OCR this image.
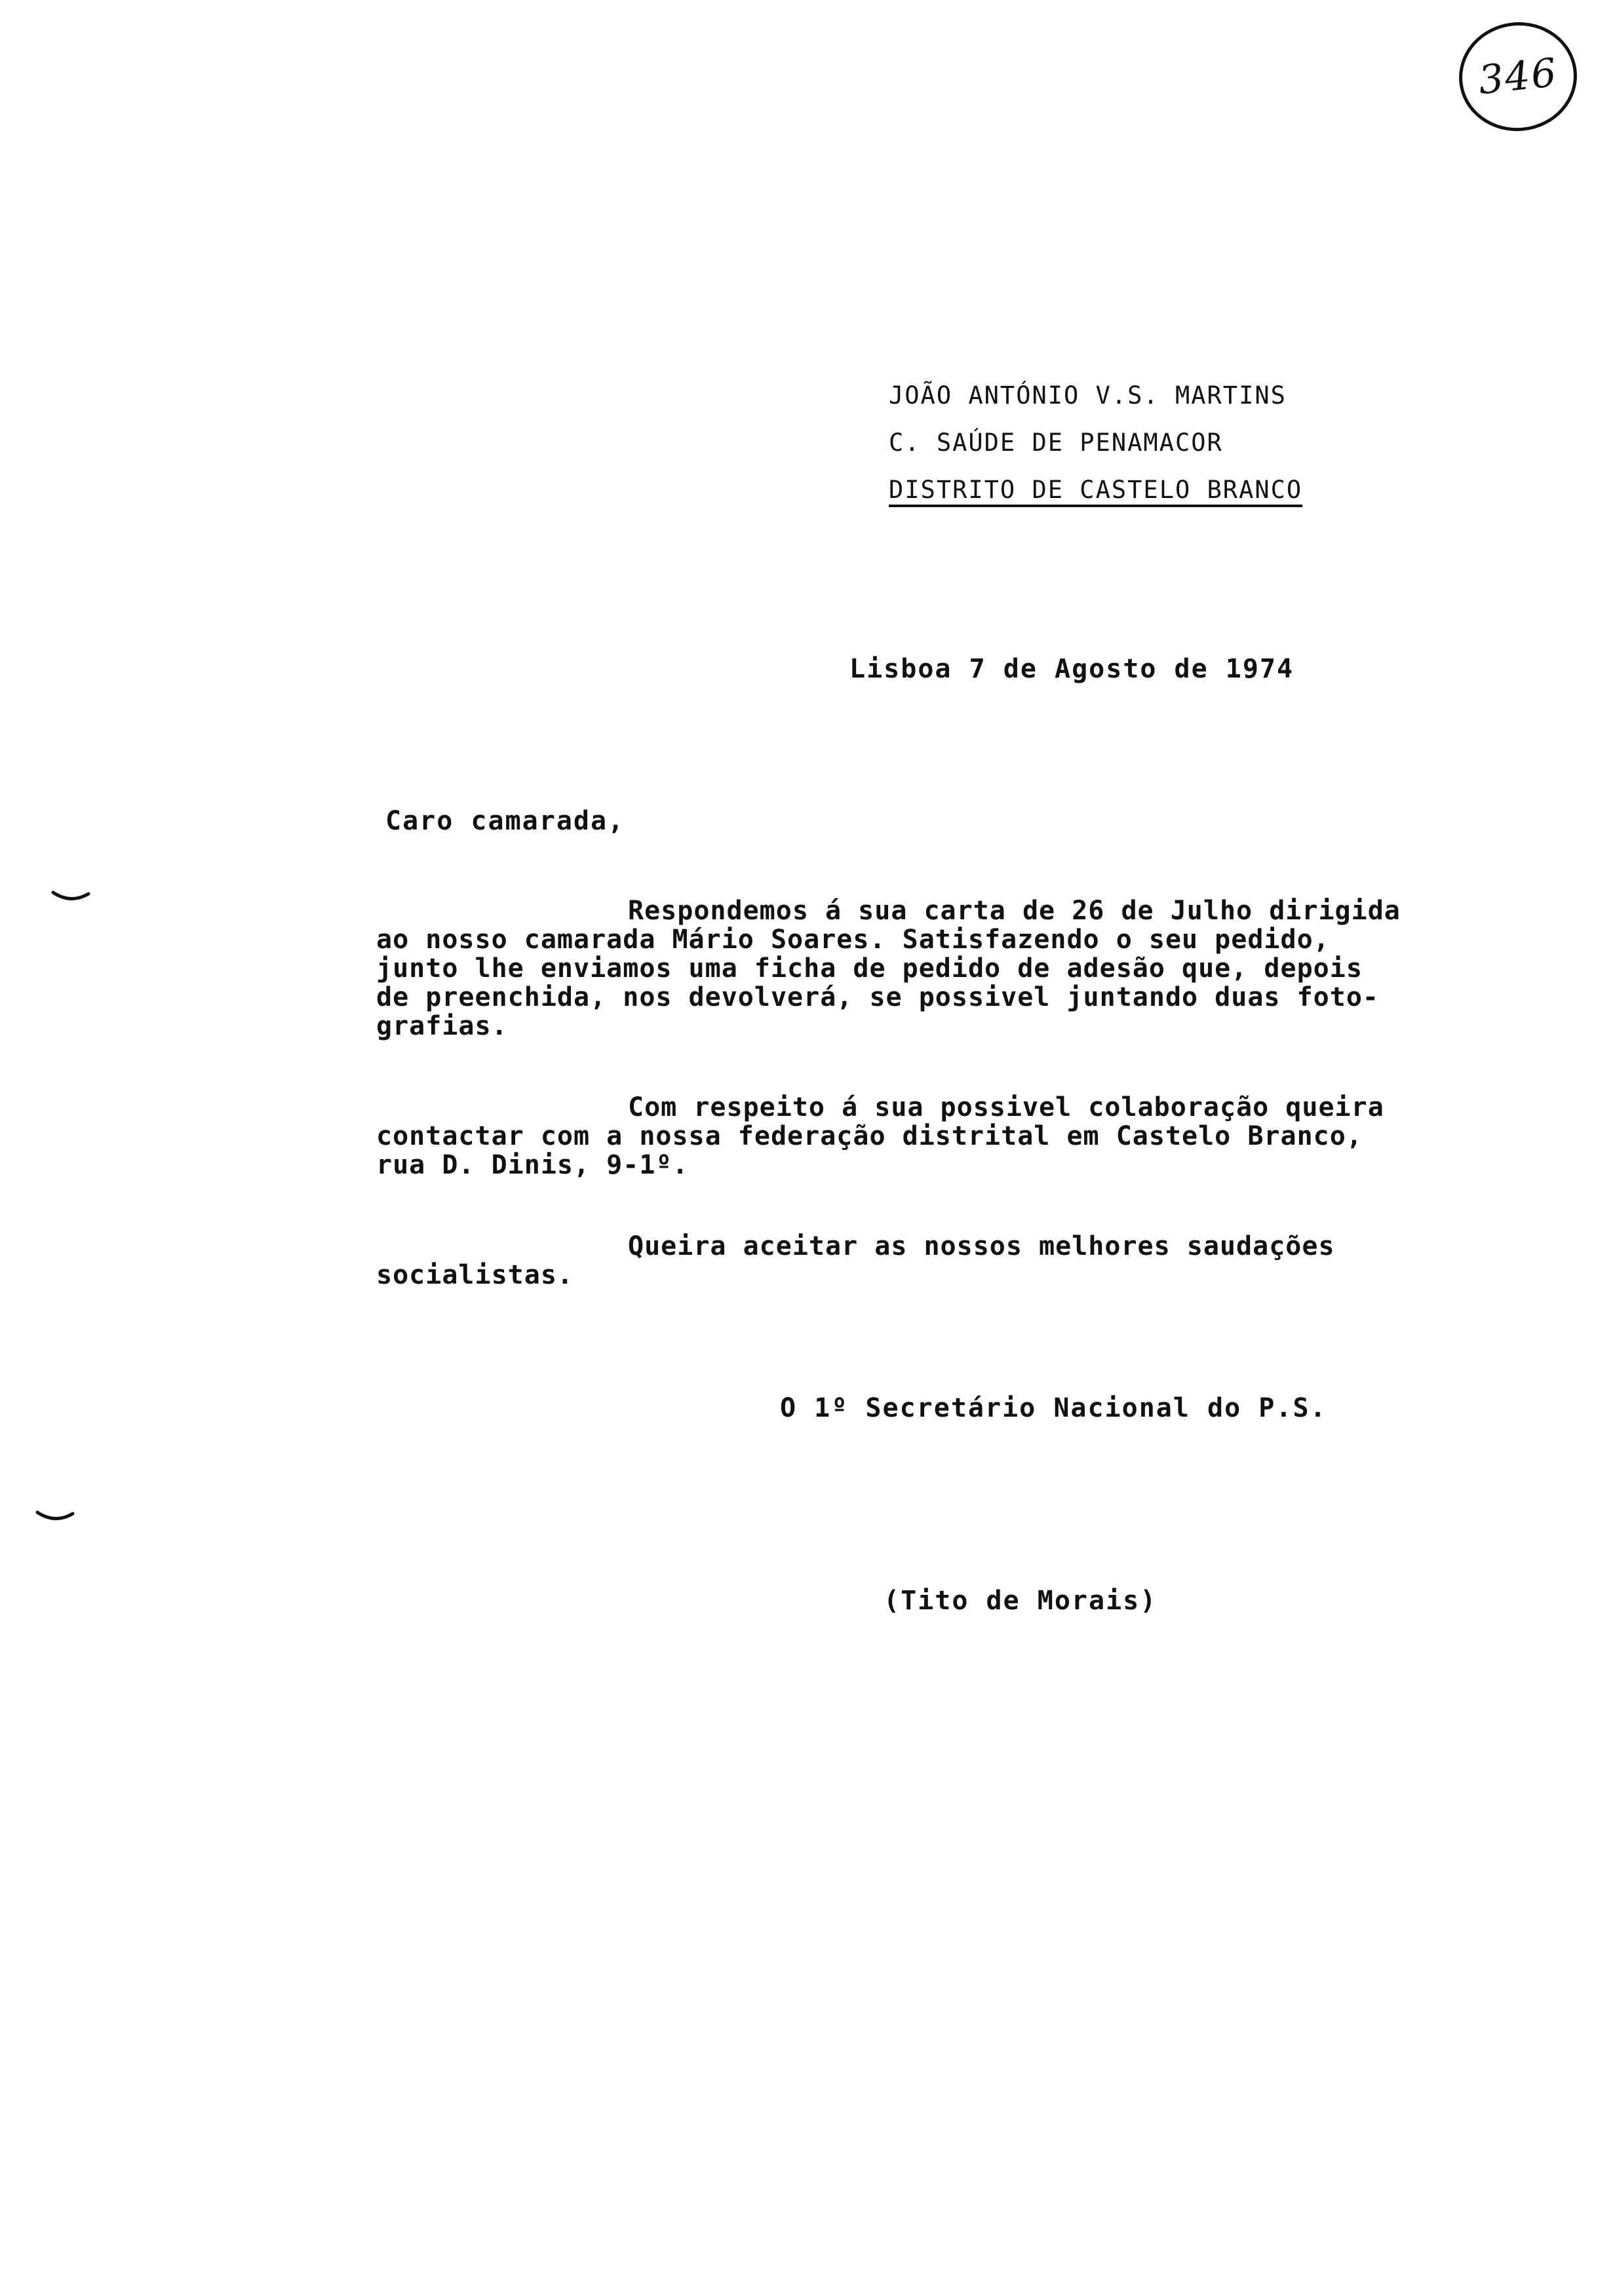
346
JOÃO ANTÓNIO V.S. MARTINS
C. SAÚDE DE PENAMACOR
DISTRITO DE CASTELO BRANCO
Lisboa 7 de Agosto de 1974
Caro camarada,
Respondemos á sua carta de 26 de Julho dirigida
ao nosso camarada Mário Soares. Satisfazendo o seu pedido,
junto lhe enviamos uma ficha de pedido de adesão que, depois
de preenchida, nos devolverá, se possivel juntando duas foto-
grafias.
Com respeito á sua possivel colaboração queira
contactar com a nossa federação distrital em Castelo Branco,
rua D. Dinis, 9-1º.
Queira aceitar as nossos melhores saudações
socialistas.
O 1º Secretário Nacional do P.S.
(Tito de Morais)
